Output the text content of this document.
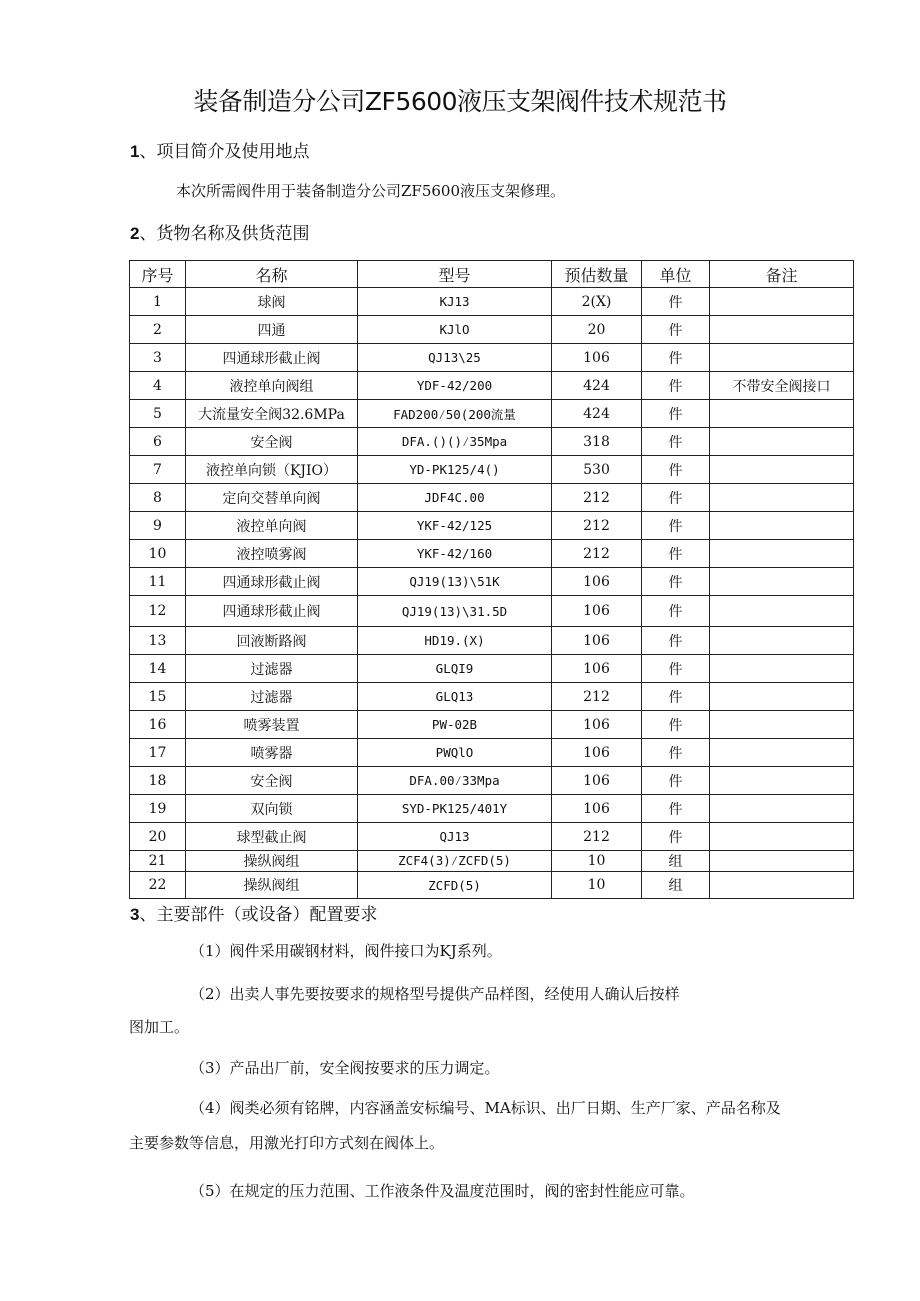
装备制造分公司ZF5600液压支架阀件技术规范书
1、项目简介及使用地点
本次所需阀件用于装备制造分公司ZF5600液压支架修理。
2、货物名称及供货范围
序号	名称	型号	预估数量	单位	备注
1	球阀	KJ13	2(X)	件	
2	四通	KJlO	20	件	
3	四通球形截止阀	QJ13\25	106	件	
4	液控单向阀组	YDF-42/200	424	件	不带安全阀接口
5	大流量安全阀32.6MPa	FAD200⁄50(200流量	424	件	
6	安全阀	DFA.()()⁄35Mpa	318	件	
7	液控单向锁（KJIO）	YD-PK125/4()	530	件	
8	定向交替单向阀	JDF4C.00	212	件	
9	液控单向阀	YKF-42/125	212	件	
10	液控喷雾阀	YKF-42/160	212	件	
11	四通球形截止阀	QJ19(13)\51K	106	件	
12	四通球形截止阀	QJ19(13)\31.5D	106	件	
13	回液断路阀	HD19.(X)	106	件	
14	过滤器	GLQI9	106	件	
15	过滤器	GLQ13	212	件	
16	喷雾装置	PW-02B	106	件	
17	喷雾器	PWQlO	106	件	
18	安全阀	DFA.00⁄33Mpa	106	件	
19	双向锁	SYD-PK125/401Y	106	件	
20	球型截止阀	QJ13	212	件	
21	操纵阀组	ZCF4(3)⁄ZCFD(5)	10	组	
22	操纵阀组	ZCFD(5)	10	组	
3、主要部件（或设备）配置要求
（1）阀件采用碳钢材料，阀件接口为KJ系列。
（2）出卖人事先要按要求的规格型号提供产品样图，经使用人确认后按样
图加工。
（3）产品出厂前，安全阀按要求的压力调定。
（4）阀类必须有铭牌，内容涵盖安标编号、MA标识、出厂日期、生产厂家、产品名称及
主要参数等信息，用激光打印方式刻在阀体上。
（5）在规定的压力范围、工作液条件及温度范围时，阀的密封性能应可靠。
